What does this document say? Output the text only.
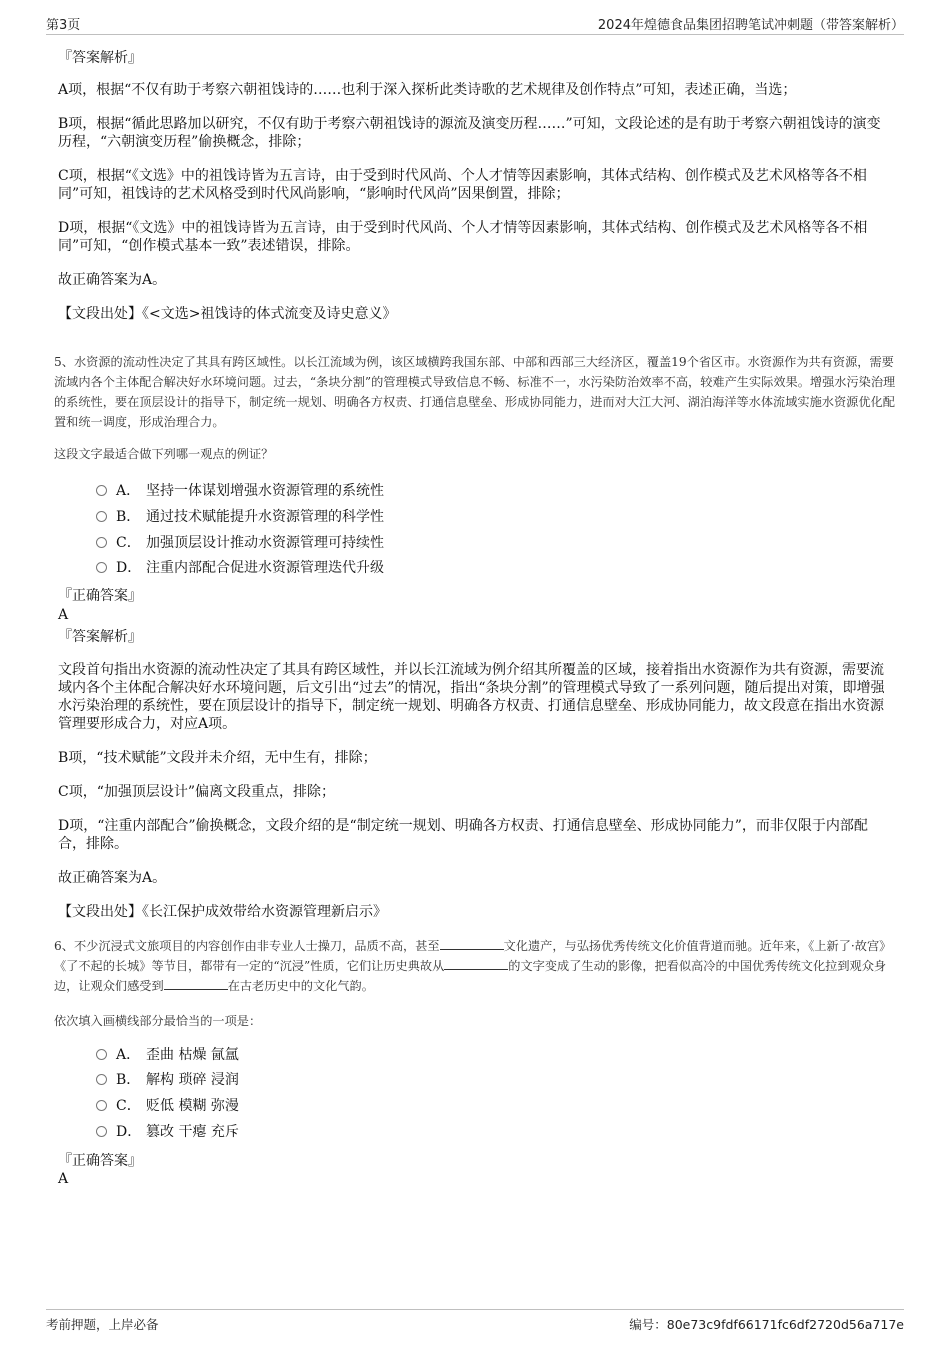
第3页	2024年煌德食品集团招聘笔试冲刺题（带答案解析）
『答案解析』
A项，根据“不仅有助于考察六朝祖饯诗的……也利于深入探析此类诗歌的艺术规律及创作特点”可知，表述正确，当选；
B项，根据“循此思路加以研究，不仅有助于考察六朝祖饯诗的源流及演变历程……”可知，文段论述的是有助于考察六朝祖饯诗的演变历程，“六朝演变历程”偷换概念，排除；
C项，根据“《文选》中的祖饯诗皆为五言诗，由于受到时代风尚、个人才情等因素影响，其体式结构、创作模式及艺术风格等各不相同”可知，祖饯诗的艺术风格受到时代风尚影响，“影响时代风尚”因果倒置，排除；
D项，根据“《文选》中的祖饯诗皆为五言诗，由于受到时代风尚、个人才情等因素影响，其体式结构、创作模式及艺术风格等各不相同”可知，“创作模式基本一致”表述错误，排除。
故正确答案为A。
【文段出处】《<文选>祖饯诗的体式流变及诗史意义》
5、水资源的流动性决定了其具有跨区域性。以长江流域为例，该区域横跨我国东部、中部和西部三大经济区，覆盖19个省区市。水资源作为共有资源，需要流域内各个主体配合解决好水环境问题。过去，“条块分割”的管理模式导致信息不畅、标准不一，水污染防治效率不高，较难产生实际效果。增强水污染治理的系统性，要在顶层设计的指导下，制定统一规划、明确各方权责、打通信息壁垒、形成协同能力，进而对大江大河、湖泊海洋等水体流域实施水资源优化配置和统一调度，形成治理合力。
这段文字最适合做下列哪一观点的例证？
A． 坚持一体谋划增强水资源管理的系统性
B． 通过技术赋能提升水资源管理的科学性
C． 加强顶层设计推动水资源管理可持续性
D． 注重内部配合促进水资源管理迭代升级
『正确答案』
A
『答案解析』
文段首句指出水资源的流动性决定了其具有跨区域性，并以长江流域为例介绍其所覆盖的区域，接着指出水资源作为共有资源，需要流域内各个主体配合解决好水环境问题，后文引出“过去”的情况，指出“条块分割”的管理模式导致了一系列问题，随后提出对策，即增强水污染治理的系统性，要在顶层设计的指导下，制定统一规划、明确各方权责、打通信息壁垒、形成协同能力，故文段意在指出水资源管理要形成合力，对应A项。
B项，“技术赋能”文段并未介绍，无中生有，排除；
C项，“加强顶层设计”偏离文段重点，排除；
D项，“注重内部配合”偷换概念，文段介绍的是“制定统一规划、明确各方权责、打通信息壁垒、形成协同能力”，而非仅限于内部配合，排除。
故正确答案为A。
【文段出处】《长江保护成效带给水资源管理新启示》
6、不少沉浸式文旅项目的内容创作由非专业人士操刀，品质不高，甚至	文化遗产，与弘扬优秀传统文化价值背道而驰。近年来，《上新了·故宫》《了不起的长城》等节目，都带有一定的“沉浸”性质，它们让历史典故从	的文字变成了生动的影像，把看似高冷的中国优秀传统文化拉到观众身边，让观众们感受到	在古老历史中的文化气韵。
依次填入画横线部分最恰当的一项是：
A． 歪曲 枯燥 氤氲
B． 解构 琐碎 浸润
C． 贬低 模糊 弥漫
D． 篡改 干瘪 充斥
『正确答案』
A
考前押题，上岸必备	编号：80e73c9fdf66171fc6df2720d56a717e
